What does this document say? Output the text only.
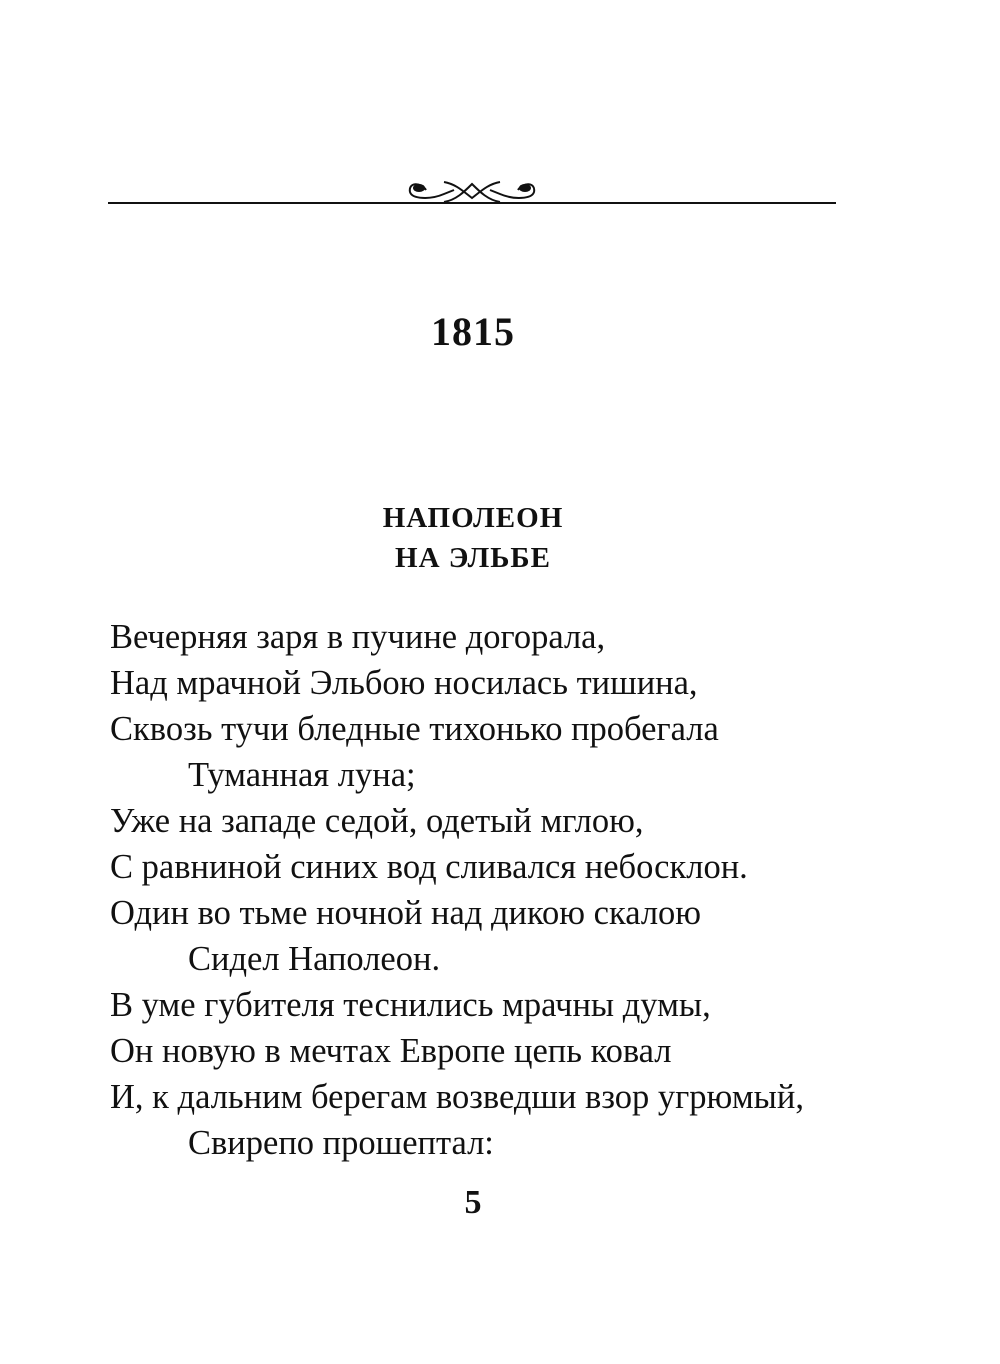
1815
НАПОЛЕОН
НА ЭЛЬБЕ
Вечерняя заря в пучине догорала,
Над мрачной Эльбою носилась тишина,
Сквозь тучи бледные тихонько пробегала
Туманная луна;
Уже на западе седой, одетый мглою,
С равниной синих вод сливался небосклон.
Один во тьме ночной над дикою скалою
Сидел Наполеон.
В уме губителя теснились мрачны думы,
Он новую в мечтах Европе цепь ковал
И, к дальним берегам возведши взор угрюмый,
Свирепо прошептал:
5
